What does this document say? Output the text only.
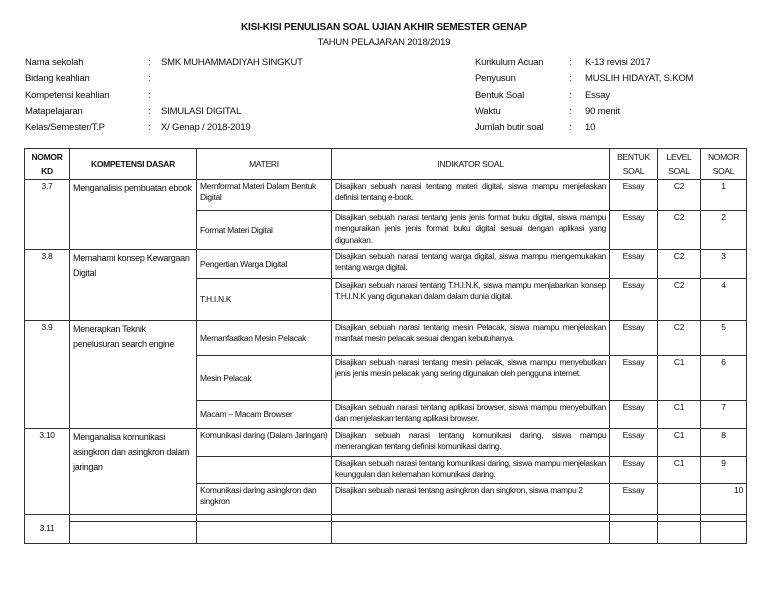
KISI-KISI PENULISAN SOAL UJIAN AKHIR SEMESTER GENAP
TAHUN PELAJARAN 2018/2019
Nama sekolah	: SMK MUHAMMADIYAH SINGKUT
Bidang keahlian	:
Kompetensi keahlian	:
Matapelajaran	: SIMULASI DIGITAL
Kelas/Semester/T.P	: X/ Genap / 2018-2019
Kurikulum Acuan	: K-13 revisi 2017
Penyusun	: MUSLIH HIDAYAT, S.KOM
Bentuk Soal	: Essay
Waktu	: 90 menit
Jumlah butir soal	: 10
NOMOR KD	KOMPETENSI DASAR	MATERI	INDIKATOR SOAL	BENTUK SOAL	LEVEL SOAL	NOMOR SOAL
3.7	Menganalisis pembuatan ebook	Memformat Materi Dalam Bentuk Digital	Disajikan sebuah narasi tentang materi digital, siswa mampu menjelaskan definisi tentang e-book.	Essay	C2	1
		Format Materi Digital	Disajikan sebuah narasi tentang jenis jenis format buku digital, siswa mampu menguraikan jenis jenis format buku digital sesuai dengan aplikasi yang digunakan.	Essay	C2	2
3.8	Memahami konsep Kewargaan Digital	Pengertian Warga Digital	Disajikan sebuah narasi tentang warga digital, siswa mampu mengemukakan tentang warga digital.	Essay	C2	3
		T.H.I.N.K	Disajikan sebuah narasi tentang T.H.I.N.K, siswa mampu menjabarkan konsep T.H.I.N.K yang digunakan dalam dalam dunia digital.	Essay	C2	4
3.9	Menerapkan Teknik penelusuran search engine	Memanfaatkan Mesin Pelacak	Disajikan sebuah narasi tentang mesin Pelacak, siswa mampu menjelaskan manfaat mesin pelacak sesuai dengan kebutuhanya.	Essay	C2	5
		Mesin Pelacak	Disajikan sebuah narasi tentang mesin pelacak, siswa mampu menyebutkan jenis jenis mesin pelacak yang sering digunakan oleh pengguna internet.	Essay	C1	6
		Macam – Macam Browser	Disajikan sebuah narasi tentang aplikasi browser, siswa mampu menyebutkan dan menjelaskan tentang aplikasi browser.	Essay	C1	7
3.10	Menganalisa komunikasi asingkron dan asingkron dalam jaringan	Komunikasi daring (Dalam Jaringan)	Disajikan sebuah narasi tentang komunikasi daring, siswa mampu menerangkan tentang definisi komunikasi daring.	Essay	C1	8
			Disajikan sebuah narasi tentang komunikasi daring, siswa mampu menjelaskan keunggulan dan kelemahan komunikasi daring.	Essay	C1	9
		Komunikasi daring asingkron dan singkron	Disajikan sebuah narasi tentang asingkron dan singkron, siswa mampu 2	Essay		10

3.11						
